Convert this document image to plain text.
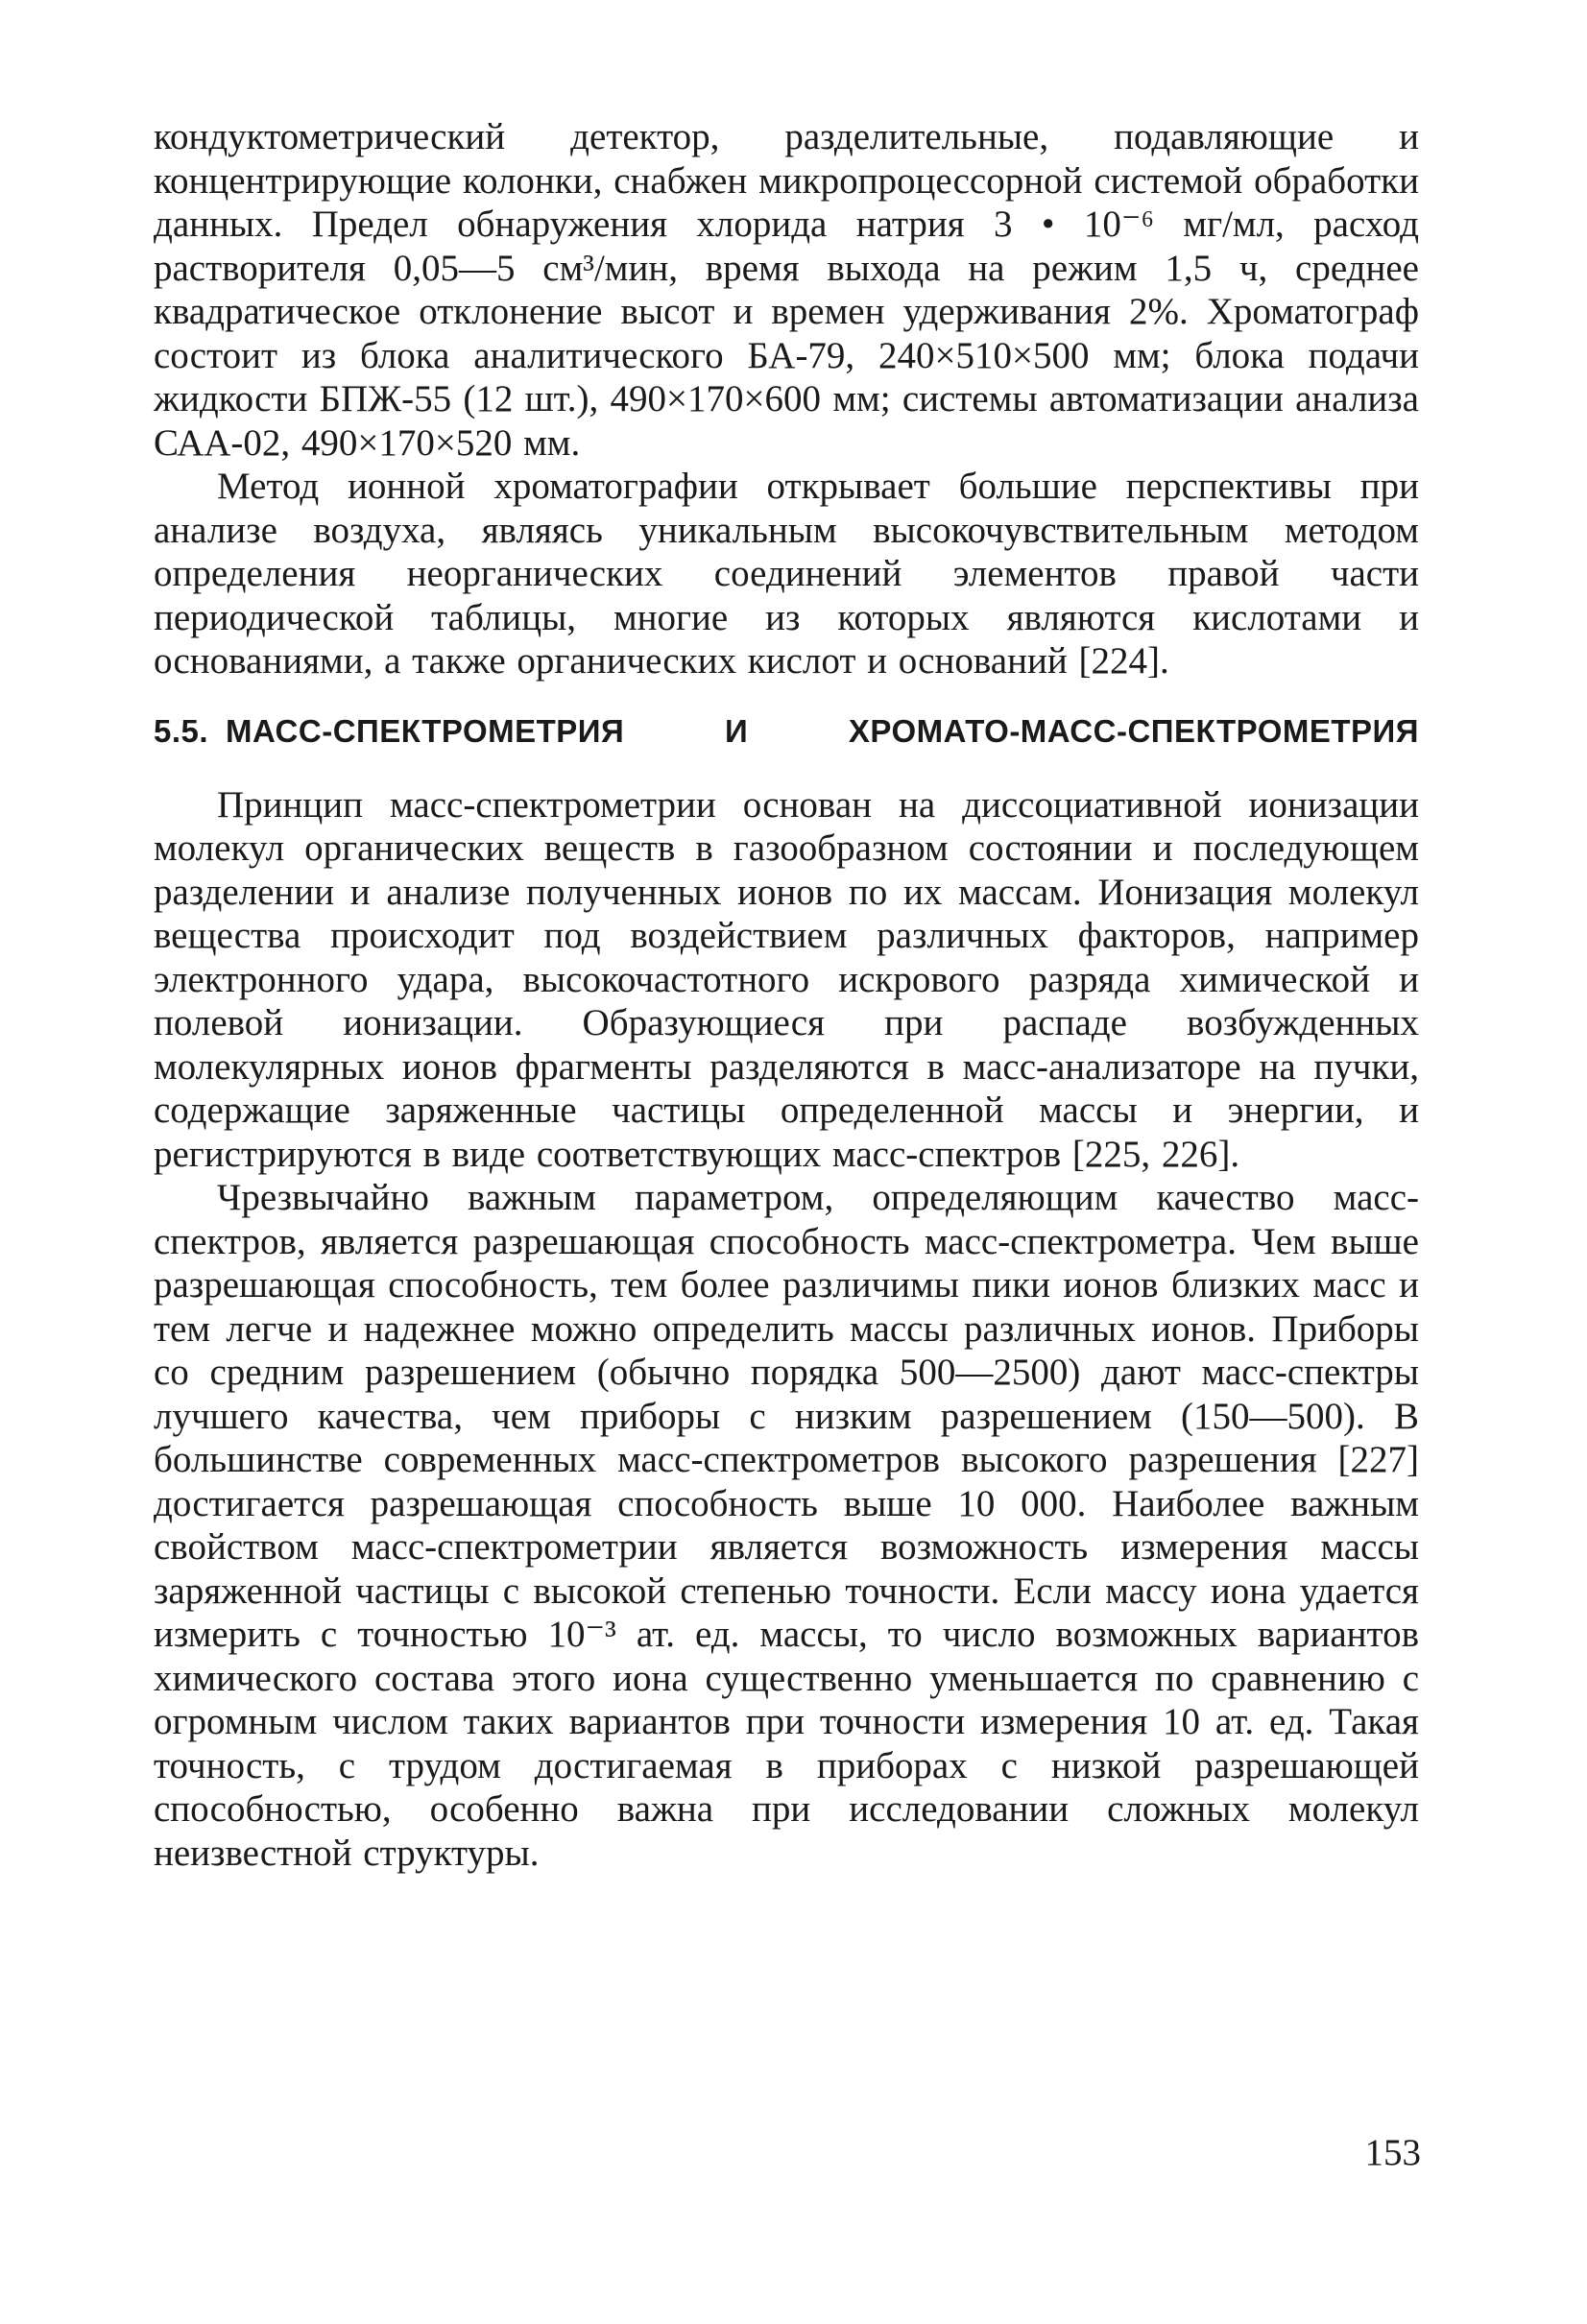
кондуктометрический детектор, разделительные, подавляющие и концентрирующие колонки, снабжен микропроцессорной системой обработки данных. Предел обнаружения хлорида натрия 3 • 10⁻⁶ мг/мл, расход растворителя 0,05—5 см³/мин, время выхода на режим 1,5 ч, среднее квадратическое отклонение высот и времен удерживания 2%. Хроматограф состоит из блока аналитического БА-79, 240×510×500 мм; блока подачи жидкости БПЖ-55 (12 шт.), 490×170×600 мм; системы автоматизации анализа САА-02, 490×170×520 мм.

Метод ионной хроматографии открывает большие перспективы при анализе воздуха, являясь уникальным высокочувствительным методом определения неорганических соединений элементов правой части периодической таблицы, многие из которых являются кислотами и основаниями, а также органических кислот и оснований [224].

5.5. МАСС-СПЕКТРОМЕТРИЯ И ХРОМАТО-МАСС-СПЕКТРОМЕТРИЯ

Принцип масс-спектрометрии основан на диссоциативной ионизации молекул органических веществ в газообразном состоянии и последующем разделении и анализе полученных ионов по их массам. Ионизация молекул вещества происходит под воздействием различных факторов, например электронного удара, высокочастотного искрового разряда химической и полевой ионизации. Образующиеся при распаде возбужденных молекулярных ионов фрагменты разделяются в масс-анализаторе на пучки, содержащие заряженные частицы определенной массы и энергии, и регистрируются в виде соответствующих масс-спектров [225, 226].

Чрезвычайно важным параметром, определяющим качество масс-спектров, является разрешающая способность масс-спектрометра. Чем выше разрешающая способность, тем более различимы пики ионов близких масс и тем легче и надежнее можно определить массы различных ионов. Приборы со средним разрешением (обычно порядка 500—2500) дают масс-спектры лучшего качества, чем приборы с низким разрешением (150—500). В большинстве современных масс-спектрометров высокого разрешения [227] достигается разрешающая способность выше 10 000. Наиболее важным свойством масс-спектрометрии является возможность измерения массы заряженной частицы с высокой степенью точности. Если массу иона удается измерить с точностью 10⁻³ ат. ед. массы, то число возможных вариантов химического состава этого иона существенно уменьшается по сравнению с огромным числом таких вариантов при точности измерения 10 ат. ед. Такая точность, с трудом достигаемая в приборах с низкой разрешающей способностью, особенно важна при исследовании сложных молекул неизвестной структуры.

153
